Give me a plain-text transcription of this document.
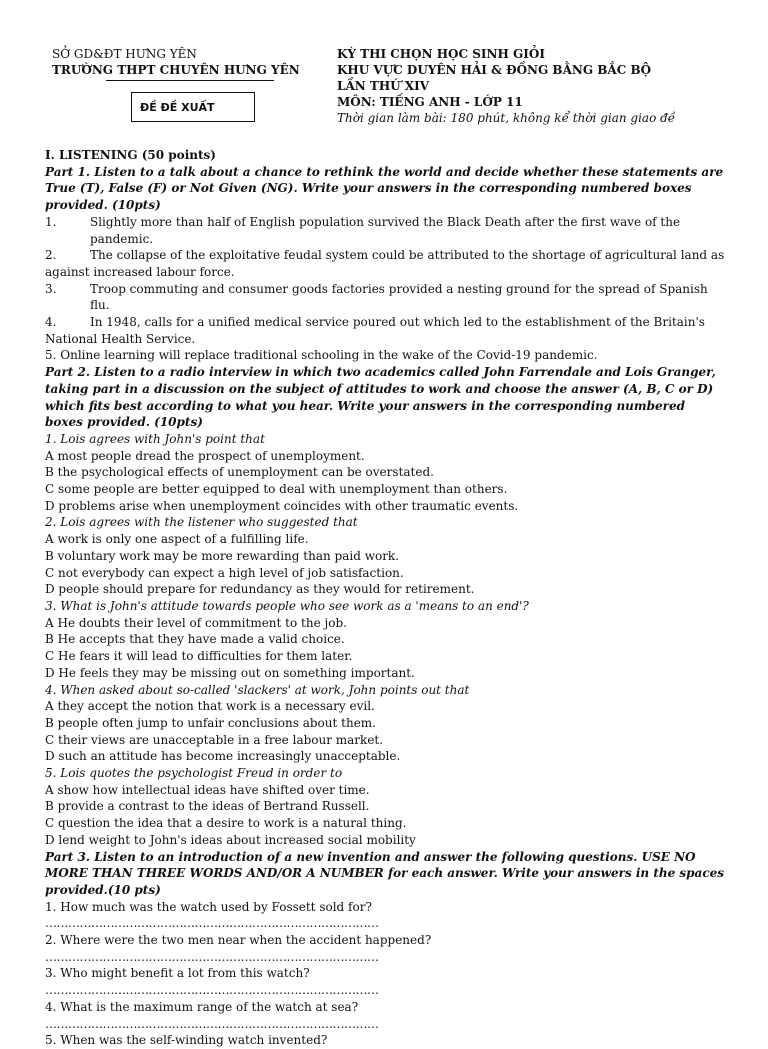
SỞ GD&ĐT HƯNG YÊN
TRƯỜNG THPT CHUYÊN HƯNG YÊN
ĐỀ ĐỀ XUẤT
KỲ THI CHỌN HỌC SINH GIỎI
KHU VỰC DUYÊN HẢI & ĐỒNG BẰNG BẮC BỘ
LẦN THỨ XIV
MÔN: TIẾNG ANH - LỚP 11
Thời gian làm bài: 180 phút, không kể thời gian giao đề

I. LISTENING (50 points)

Part 1. Listen to a talk about a chance to rethink the world and decide whether these statements are True (T), False (F) or Not Given (NG). Write your answers in the corresponding numbered boxes provided. (10pts)

1.	Slightly more than half of English population survived the Black Death after the first wave of the pandemic.
2.	The collapse of the exploitative feudal system could be attributed to the shortage of agricultural land as against increased labour force.
3.	Troop commuting and consumer goods factories provided a nesting ground for the spread of Spanish flu.
4.	In 1948, calls for a unified medical service poured out which led to the establishment of the Britain's National Health Service.

5. Online learning will replace traditional schooling in the wake of the Covid-19 pandemic.

Part 2. Listen to a radio interview in which two academics called John Farrendale and Lois Granger, taking part in a discussion on the subject of attitudes to work and choose the answer (A, B, C or D) which fits best according to what you hear. Write your answers in the corresponding numbered boxes provided. (10pts)

1. Lois agrees with John's point that

A most people dread the prospect of unemployment.

B the psychological effects of unemployment can be overstated.

C some people are better equipped to deal with unemployment than others.

D problems arise when unemployment coincides with other traumatic events.

2. Lois agrees with the listener who suggested that

A work is only one aspect of a fulfilling life.

B voluntary work may be more rewarding than paid work.

C not everybody can expect a high level of job satisfaction.

D people should prepare for redundancy as they would for retirement.

3. What is John's attitude towards people who see work as a 'means to an end'?

A He doubts their level of commitment to the job.

B He accepts that they have made a valid choice.

C He fears it will lead to difficulties for them later.

D He feels they may be missing out on something important.

4. When asked about so-called 'slackers' at work, John points out that

A they accept the notion that work is a necessary evil.

B people often jump to unfair conclusions about them.

C their views are unacceptable in a free labour market.

D such an attitude has become increasingly unacceptable.

5. Lois quotes the psychologist Freud in order to

A show how intellectual ideas have shifted over time.

B provide a contrast to the ideas of Bertrand Russell.

C question the idea that a desire to work is a natural thing.

D lend weight to John's ideas about increased social mobility

Part 3. Listen to an introduction of a new invention and answer the following questions. USE NO MORE THAN THREE WORDS AND/OR A NUMBER for each answer. Write your answers in the spaces provided.(10 pts)

1. How much was the watch used by Fossett sold for?

……………………………………………………………………………

2. Where were the two men near when the accident happened?

……………………………………………………………………………

3. Who might benefit a lot from this watch?

……………………………………………………………………………

4. What is the maximum range of the watch at sea?

……………………………………………………………………………

5. When was the self-winding watch invented?
